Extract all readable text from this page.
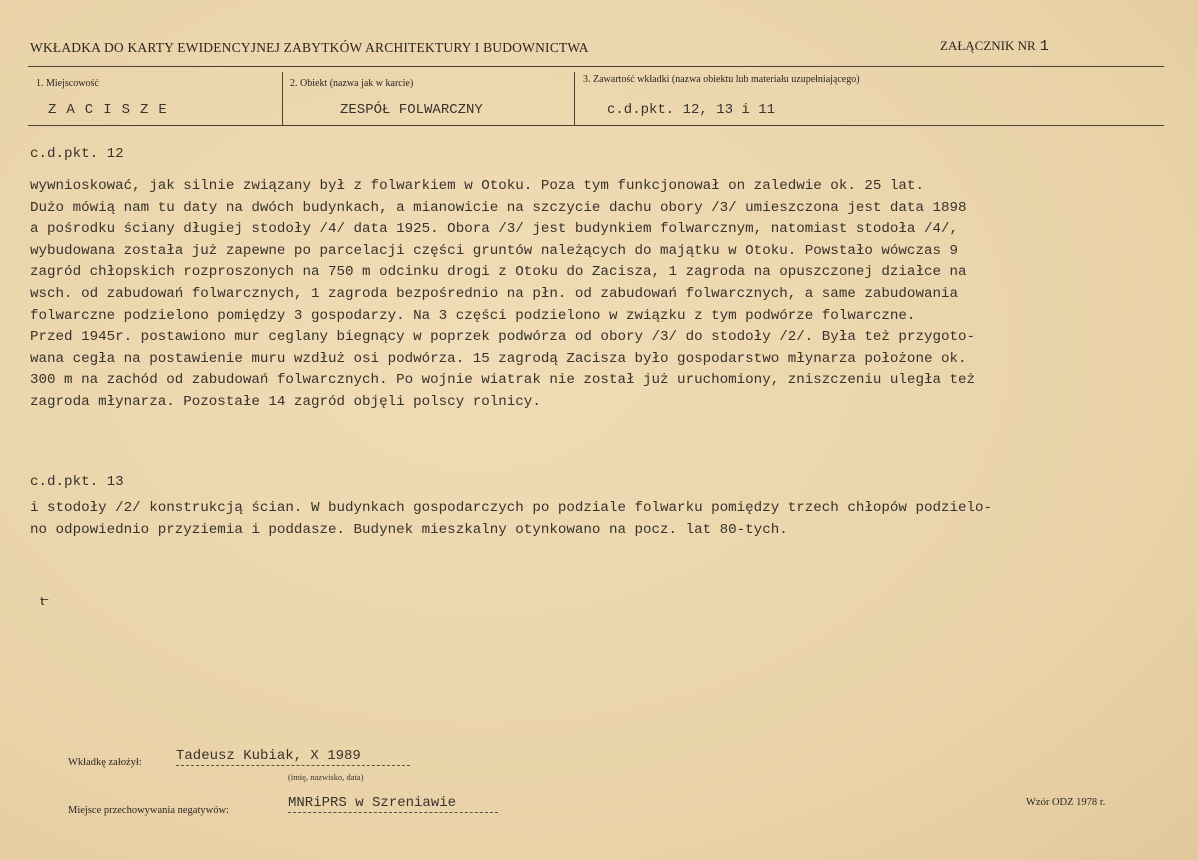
WKŁADKA DO KARTY EWIDENCYJNEJ ZABYTKÓW ARCHITEKTURY I BUDOWNICTWA	ZAŁĄCZNIK NR 1
1. Miejscowość
ZACISZE
2. Obiekt (nazwa jak w karcie)
ZESPÓŁ FOLWARCZNY
3. Zawartość wkładki (nazwa obiektu lub materiału uzupełniającego)
c.d.pkt. 12, 13 i 11
c.d.pkt. 12
wywnioskować, jak silnie związany był z folwarkiem w Otoku. Poza tym funkcjonował on zaledwie ok. 25 lat.
Dużo mówią nam tu daty na dwóch budynkach, a mianowicie na szczycie dachu obory /3/ umieszczona jest data 1898
a pośrodku ściany długiej stodoły /4/ data 1925. Obora /3/ jest budynkiem folwarcznym, natomiast stodoła /4/,
wybudowana została już zapewne po parcelacji części gruntów należących do majątku w Otoku. Powstało wówczas 9
zagród chłopskich rozproszonych na 750 m odcinku drogi z Otoku do Zacisza, 1 zagroda na opuszczonej działce na
wsch. od zabudowań folwarcznych, 1 zagroda bezpośrednio na płn. od zabudowań folwarcznych, a same zabudowania
folwarczne podzielono pomiędzy 3 gospodarzy. Na 3 części podzielono w związku z tym podwórze folwarczne.
Przed 1945r. postawiono mur ceglany biegnący w poprzek podwórza od obory /3/ do stodoły /2/. Była też przygoto-
wana cegła na postawienie muru wzdłuż osi podwórza. 15 zagrodą Zacisza było gospodarstwo młynarza położone ok.
300 m na zachód od zabudowań folwarcznych. Po wojnie wiatrak nie został już uruchomiony, zniszczeniu uległa też
zagroda młynarza. Pozostałe 14 zagród objęli polscy rolnicy.
c.d.pkt. 13
i stodoły /2/ konstrukcją ścian. W budynkach gospodarczych po podziale folwarku pomiędzy trzech chłopów podzielo-
no odpowiednio przyziemia i poddasze. Budynek mieszkalny otynkowano na pocz. lat 80-tych.
ɩ̶
Wkładkę założył: Tadeusz Kubiak, X 1989
(imię, nazwisko, data)
Miejsce przechowywania negatywów:	MNRiPRS w Szreniawie	Wzór ODZ 1978 r.
